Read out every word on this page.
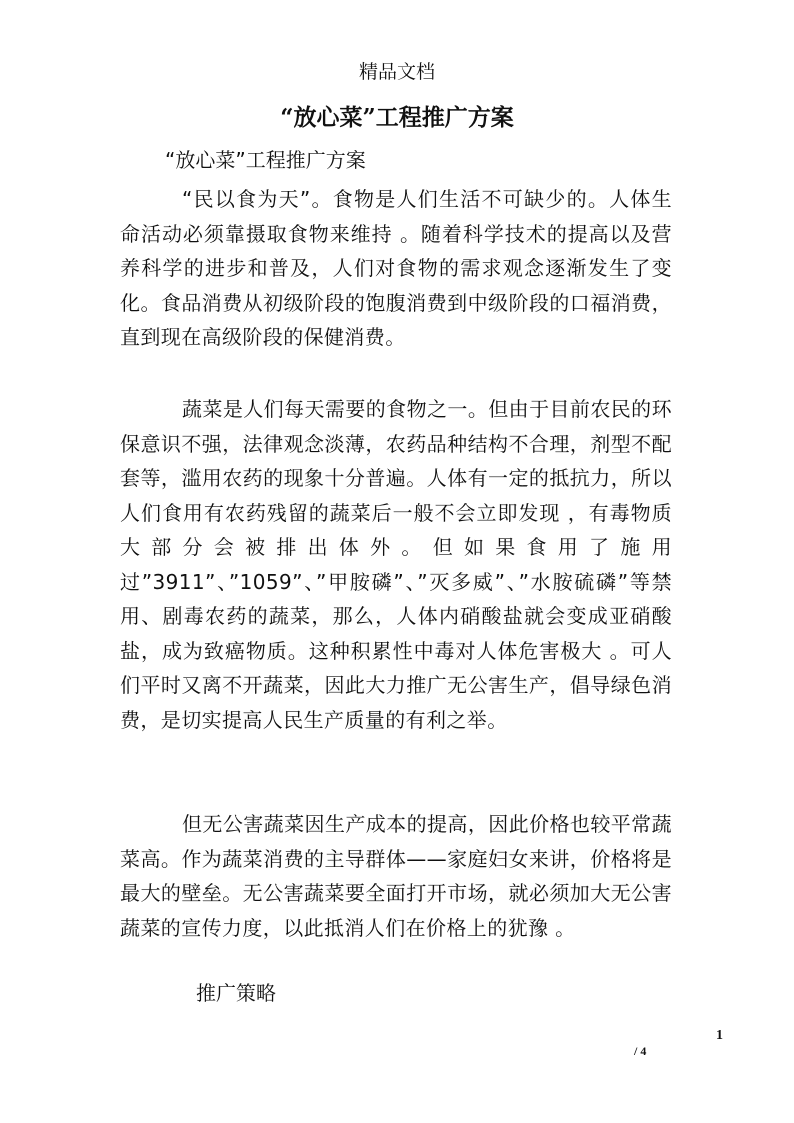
精品文档
“放心菜”工程推广方案
“放心菜”工程推广方案

“民以食为天”。食物是人们生活不可缺少的。人体生命活动必须靠摄取食物来维持 。随着科学技术的提高以及营养科学的进步和普及，人们对食物的需求观念逐渐发生了变化。食品消费从初级阶段的饱腹消费到中级阶段的口福消费，直到现在高级阶段的保健消费。

蔬菜是人们每天需要的食物之一。但由于目前农民的环保意识不强，法律观念淡薄，农药品种结构不合理，剂型不配套等，滥用农药的现象十分普遍。人体有一定的抵抗力，所以人们食用有农药残留的蔬菜后一般不会立即发现 ，有毒物质大部分会被排出体外。但如果食用了施用过”3911”、”1059”、”甲胺磷”、”灭多威”、”水胺硫磷”等禁用、剧毒农药的蔬菜，那么，人体内硝酸盐就会变成亚硝酸盐，成为致癌物质。这种积累性中毒对人体危害极大 。可人们平时又离不开蔬菜，因此大力推广无公害生产，倡导绿色消费，是切实提高人民生产质量的有利之举。

但无公害蔬菜因生产成本的提高，因此价格也较平常蔬菜高。作为蔬菜消费的主导群体——家庭妇女来讲，价格将是最大的壁垒。无公害蔬菜要全面打开市场，就必须加大无公害蔬菜的宣传力度，以此抵消人们在价格上的犹豫 。

推广策略
1
/ 4
